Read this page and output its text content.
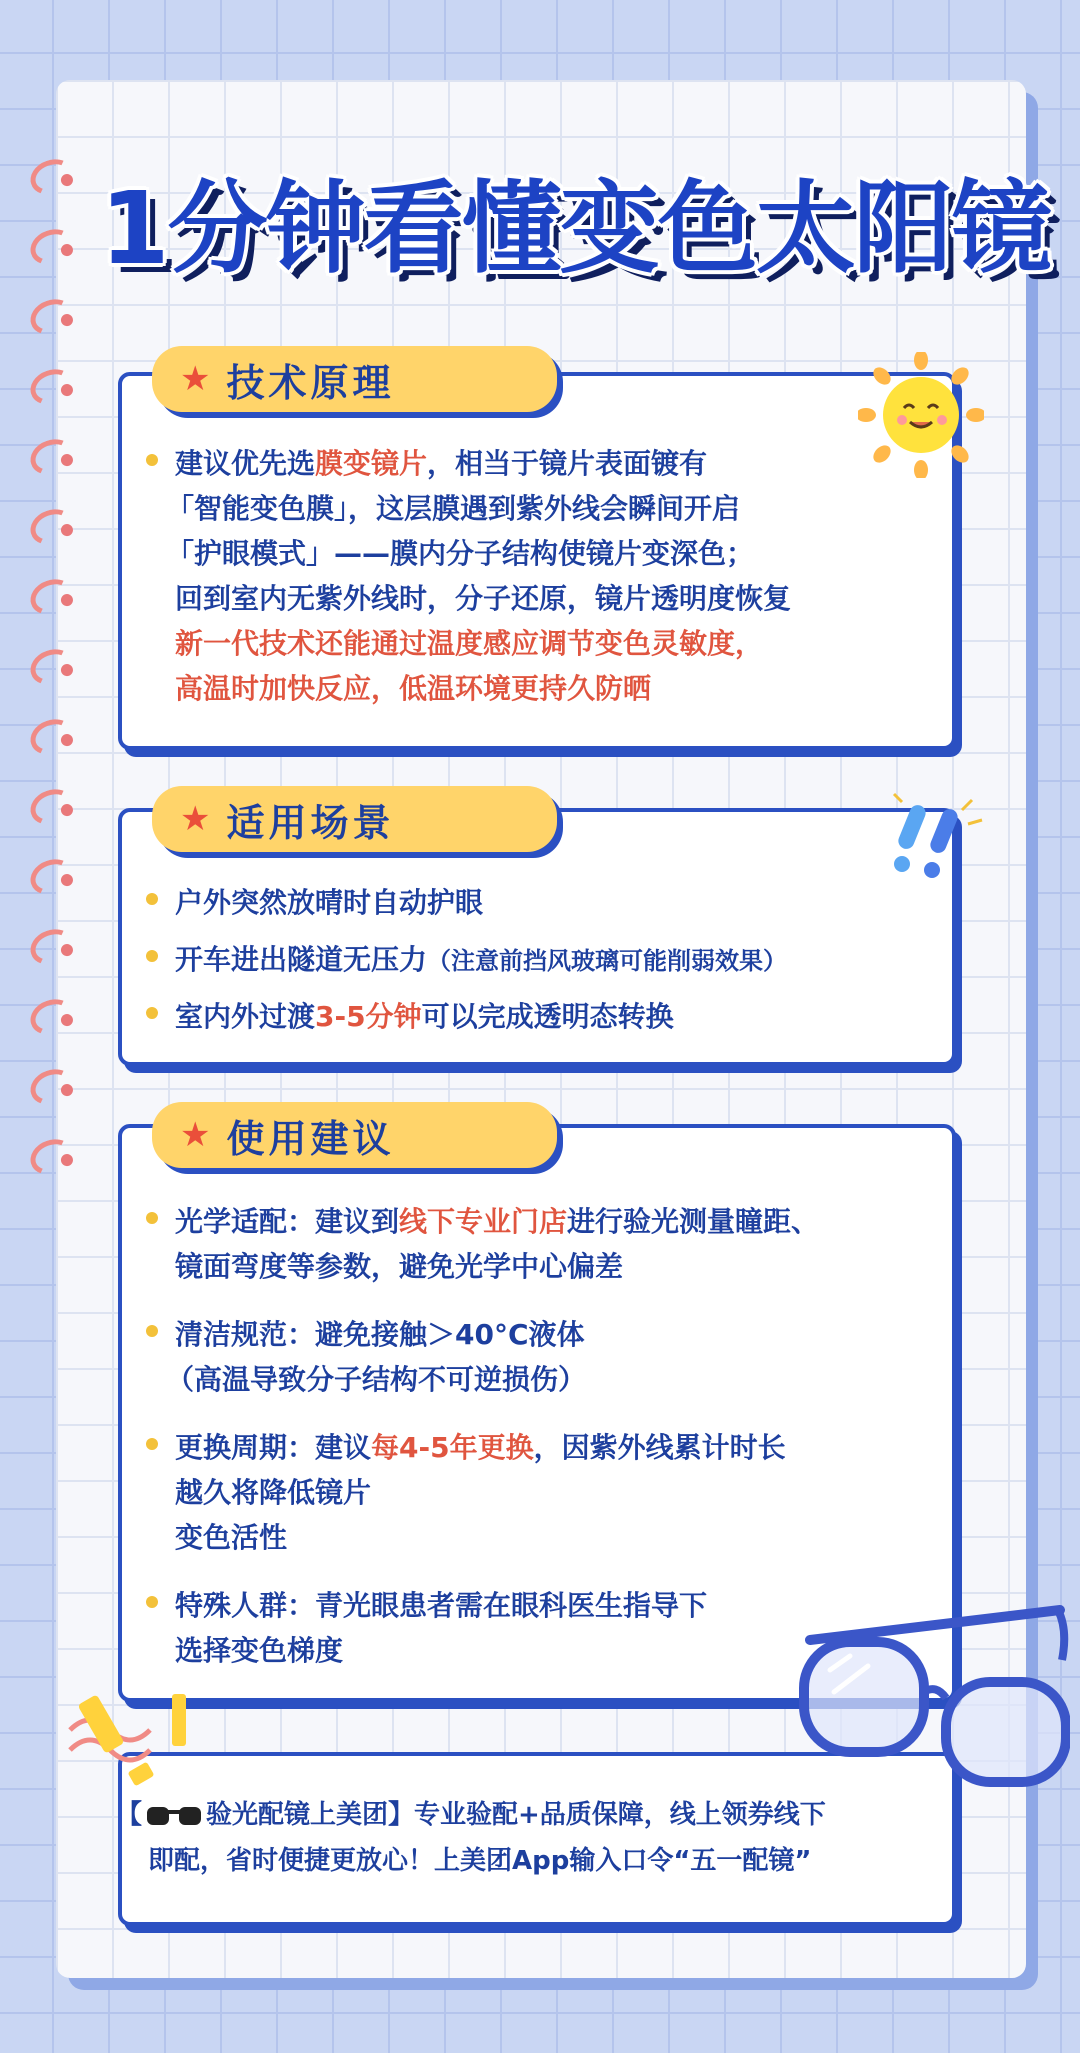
1分钟看懂变色太阳镜
★ 技术原理
建议优先选膜变镜片，相当于镜片表面镀有
「智能变色膜」，这层膜遇到紫外线会瞬间开启
「护眼模式」——膜内分子结构使镜片变深色；
回到室内无紫外线时，分子还原，镜片透明度恢复
新一代技术还能通过温度感应调节变色灵敏度，
高温时加快反应，低温环境更持久防晒
★ 适用场景
户外突然放晴时自动护眼
开车进出隧道无压力（注意前挡风玻璃可能削弱效果）
室内外过渡3-5分钟可以完成透明态转换
★ 使用建议
光学适配：建议到线下专业门店进行验光测量瞳距、
镜面弯度等参数，避免光学中心偏差
清洁规范：避免接触＞40°C液体
（高温导致分子结构不可逆损伤）
更换周期：建议每4-5年更换，因紫外线累计时长
越久将降低镜片
变色活性
特殊人群：青光眼患者需在眼科医生指导下
选择变色梯度
【 验光配镜上美团】专业验配+品质保障，线上领券线下
即配，省时便捷更放心！上美团App输入口令“五一配镜”
